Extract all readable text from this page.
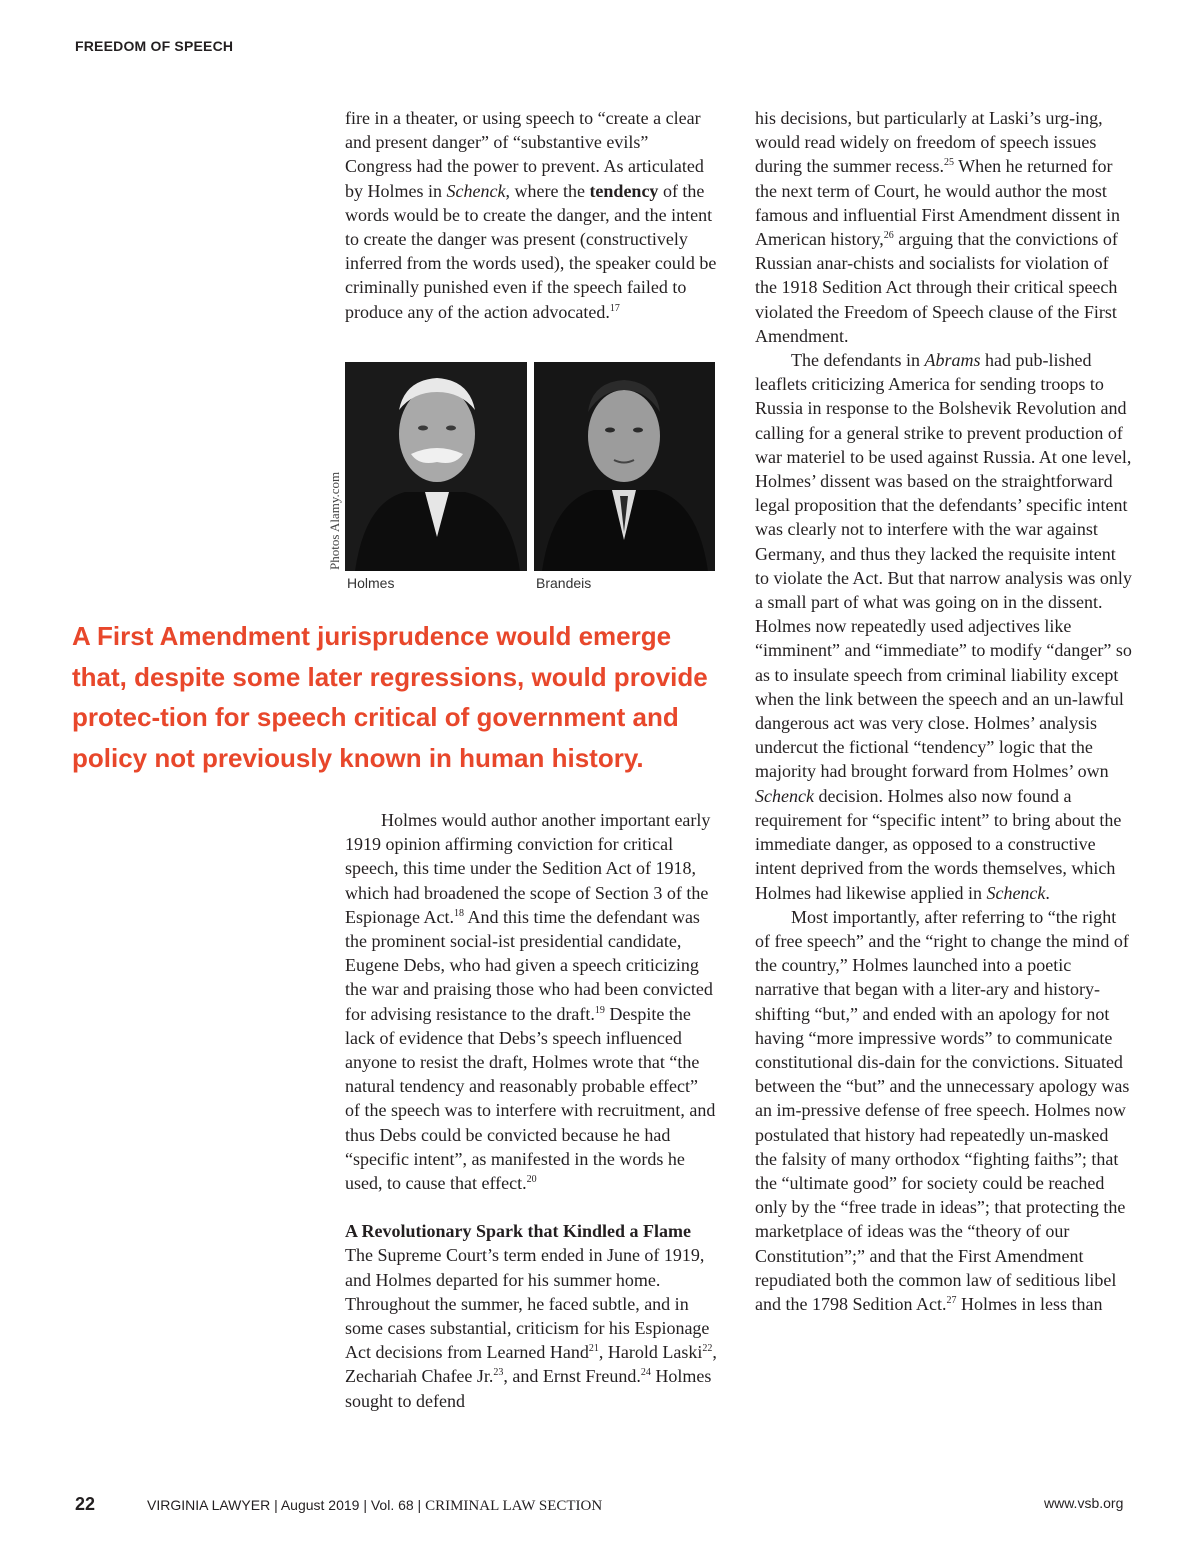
FREEDOM OF SPEECH

fire in a theater, or using speech to “create a clear and present danger” of “substantive evils” Congress had the power to prevent. As articulated by Holmes in Schenck, where the tendency of the words would be to create the danger, and the intent to create the danger was present (constructively inferred from the words used), the speaker could be criminally punished even if the speech failed to produce any of the action advocated.$^{17}$

Photos Alamy.com
Holmes	Brandeis

A First Amendment jurisprudence would emerge that, despite some later regressions, would provide protec-tion for speech critical of government and policy not previously known in human history.

Holmes would author another important early 1919 opinion affirming conviction for critical speech, this time under the Sedition Act of 1918, which had broadened the scope of Section 3 of the Espionage Act.$^{18}$ And this time the defendant was the prominent social-ist presidential candidate, Eugene Debs, who had given a speech criticizing the war and praising those who had been convicted for advising resistance to the draft.$^{19}$ Despite the lack of evidence that Debs’s speech influenced anyone to resist the draft, Holmes wrote that “the natural tendency and reasonably probable effect” of the speech was to interfere with recruitment, and thus Debs could be convicted because he had “specific intent”, as manifested in the words he used, to cause that effect.$^{20}$

A Revolutionary Spark that Kindled a Flame

The Supreme Court’s term ended in June of 1919, and Holmes departed for his summer home. Throughout the summer, he faced subtle, and in some cases substantial, criticism for his Espionage Act decisions from Learned Hand$^{21}$, Harold Laski$^{22}$, Zechariah Chafee Jr.$^{23}$, and Ernst Freund.$^{24}$ Holmes sought to defend

his decisions, but particularly at Laski’s urg-ing, would read widely on freedom of speech issues during the summer recess.$^{25}$ When he returned for the next term of Court, he would author the most famous and influential First Amendment dissent in American history,$^{26}$ arguing that the convictions of Russian anar-chists and socialists for violation of the 1918 Sedition Act through their critical speech violated the Freedom of Speech clause of the First Amendment.

The defendants in Abrams had pub-lished leaflets criticizing America for sending troops to Russia in response to the Bolshevik Revolution and calling for a general strike to prevent production of war materiel to be used against Russia. At one level, Holmes’ dissent was based on the straightforward legal proposition that the defendants’ specific intent was clearly not to interfere with the war against Germany, and thus they lacked the requisite intent to violate the Act. But that narrow analysis was only a small part of what was going on in the dissent. Holmes now repeatedly used adjectives like “imminent” and “immediate” to modify “danger” so as to insulate speech from criminal liability except when the link between the speech and an un-lawful dangerous act was very close. Holmes’ analysis undercut the fictional “tendency” logic that the majority had brought forward from Holmes’ own Schenck decision. Holmes also now found a requirement for “specific intent” to bring about the immediate danger, as opposed to a constructive intent deprived from the words themselves, which Holmes had likewise applied in Schenck.

Most importantly, after referring to “the right of free speech” and the “right to change the mind of the country,” Holmes launched into a poetic narrative that began with a liter-ary and history-shifting “but,” and ended with an apology for not having “more impressive words” to communicate constitutional dis-dain for the convictions. Situated between the “but” and the unnecessary apology was an im-pressive defense of free speech. Holmes now postulated that history had repeatedly un-masked the falsity of many orthodox “fighting faiths”; that the “ultimate good” for society could be reached only by the “free trade in ideas”; that protecting the marketplace of ideas was the “theory of our Constitution”;” and that the First Amendment repudiated both the common law of seditious libel and the 1798 Sedition Act.$^{27}$ Holmes in less than

22	VIRGINIA LAWYER | August 2019 | Vol. 68 | CRIMINAL LAW SECTION	www.vsb.org
